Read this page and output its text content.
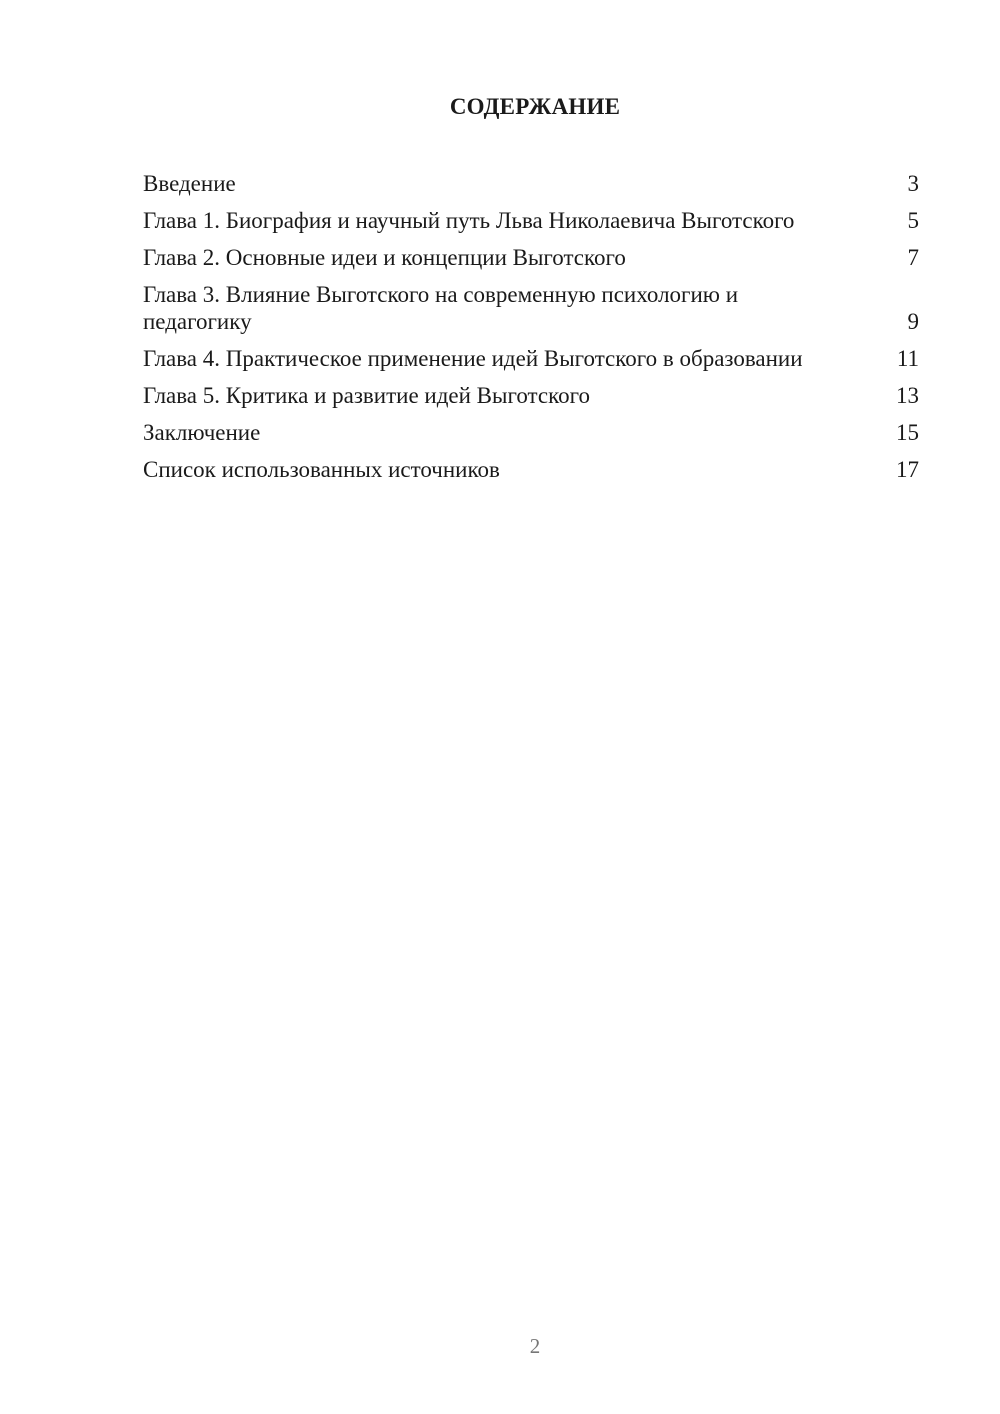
СОДЕРЖАНИЕ
Введение	3
Глава 1. Биография и научный путь Льва Николаевича Выготского	5
Глава 2. Основные идеи и концепции Выготского	7
Глава 3. Влияние Выготского на современную психологию и педагогику	9
Глава 4. Практическое применение идей Выготского в образовании	11
Глава 5. Критика и развитие идей Выготского	13
Заключение	15
Список использованных источников	17
2
